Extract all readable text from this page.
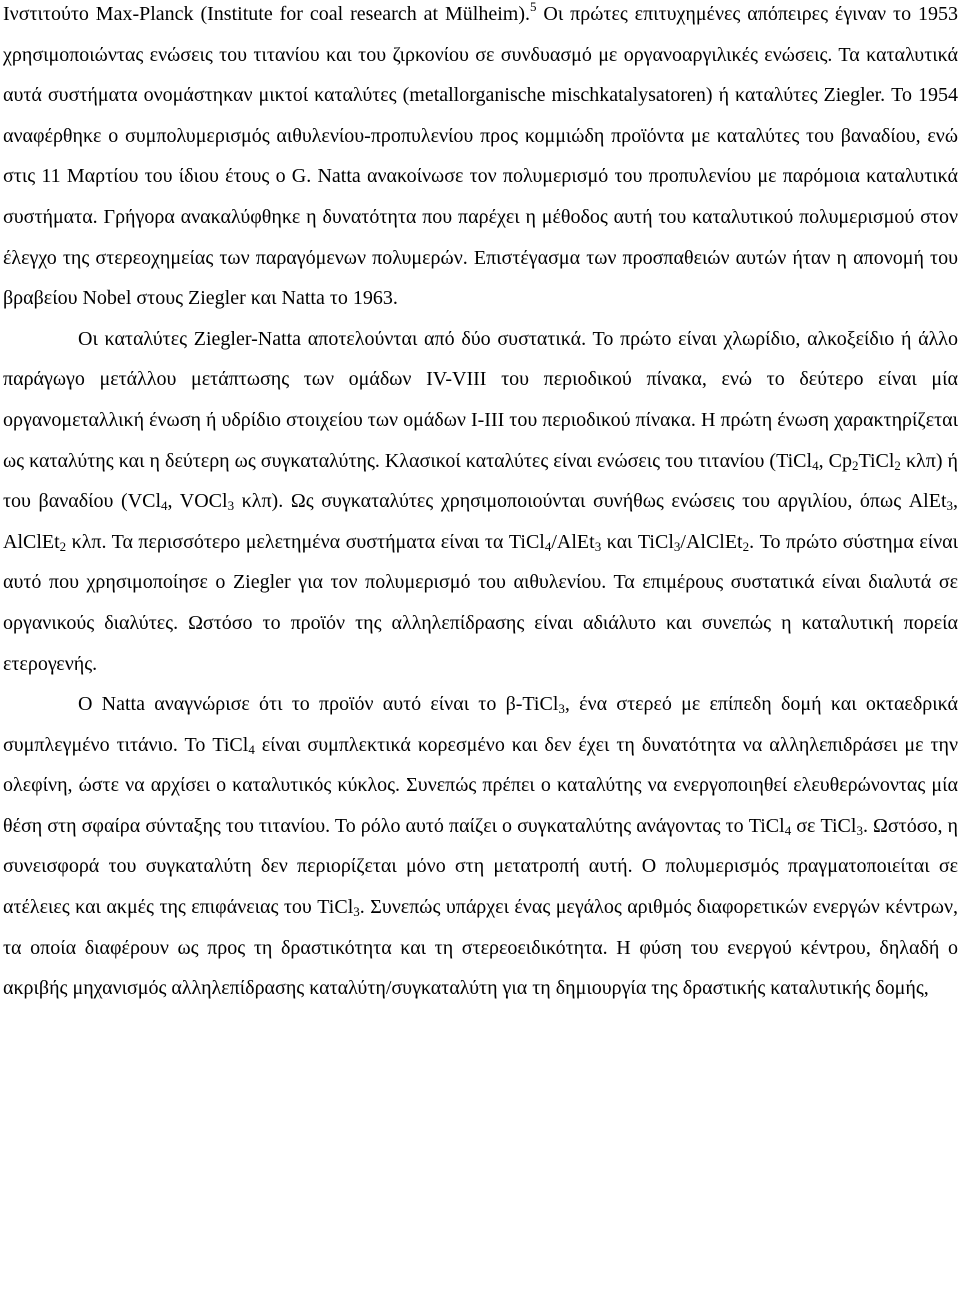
Ινστιτούτο Max-Planck (Institute for coal research at Mülheim).$^5$ Οι πρώτες επιτυχημένες απόπειρες έγιναν το 1953 χρησιμοποιώντας ενώσεις του τιτανίου και του ζιρκονίου σε συνδυασμό με οργανοαργιλικές ενώσεις. Τα καταλυτικά αυτά συστήματα ονομάστηκαν μικτοί καταλύτες (metallorganische mischkatalysatoren) ή καταλύτες Ziegler. Το 1954 αναφέρθηκε ο συμπολυμερισμός αιθυλενίου-προπυλενίου προς κομμιώδη προϊόντα με καταλύτες του βαναδίου, ενώ στις 11 Μαρτίου του ίδιου έτους ο G. Natta ανακοίνωσε τον πολυμερισμό του προπυλενίου με παρόμοια καταλυτικά συστήματα. Γρήγορα ανακαλύφθηκε η δυνατότητα που παρέχει η μέθοδος αυτή του καταλυτικού πολυμερισμού στον έλεγχο της στερεοχημείας των παραγόμενων πολυμερών. Επιστέγασμα των προσπαθειών αυτών ήταν η απονομή του βραβείου Nobel στους Ziegler και Natta το 1963.

Οι καταλύτες Ziegler-Natta αποτελούνται από δύο συστατικά. Το πρώτο είναι χλωρίδιο, αλκοξείδιο ή άλλο παράγωγο μετάλλου μετάπτωσης των ομάδων IV-VIII του περιοδικού πίνακα, ενώ το δεύτερο είναι μία οργανομεταλλική ένωση ή υδρίδιο στοιχείου των ομάδων I-III του περιοδικού πίνακα. Η πρώτη ένωση χαρακτηρίζεται ως καταλύτης και η δεύτερη ως συγκαταλύτης. Κλασικοί καταλύτες είναι ενώσεις του τιτανίου (TiCl$_4$, $Cp_2TiCl_2$ κλπ) ή του βαναδίου (VCl$_4$, VOCl$_3$ κλπ). Ως συγκαταλύτες χρησιμοποιούνται συνήθως ενώσεις του αργιλίου, όπως AlEt$_3$, AlClEt$_2$ κλπ. Τα περισσότερο μελετημένα συστήματα είναι τα TiCl$_4$/AlEt$_3$ και TiCl$_3$/AlClEt$_2$. Το πρώτο σύστημα είναι αυτό που χρησιμοποίησε ο Ziegler για τον πολυμερισμό του αιθυλενίου. Τα επιμέρους συστατικά είναι διαλυτά σε οργανικούς διαλύτες. Ωστόσο το προϊόν της αλληλεπίδρασης είναι αδιάλυτο και συνεπώς η καταλυτική πορεία ετερογενής.

Ο Natta αναγνώρισε ότι το προϊόν αυτό είναι το β-TiCl$_3$, ένα στερεό με επίπεδη δομή και οκταεδρικά συμπλεγμένο τιτάνιο. Το TiCl$_4$ είναι συμπλεκτικά κορεσμένο και δεν έχει τη δυνατότητα να αλληλεπιδράσει με την ολεφίνη, ώστε να αρχίσει ο καταλυτικός κύκλος. Συνεπώς πρέπει ο καταλύτης να ενεργοποιηθεί ελευθερώνοντας μία θέση στη σφαίρα σύνταξης του τιτανίου. Το ρόλο αυτό παίζει ο συγκαταλύτης ανάγοντας το TiCl$_4$ σε TiCl$_3$. Ωστόσο, η συνεισφορά του συγκαταλύτη δεν περιορίζεται μόνο στη μετατροπή αυτή. Ο πολυμερισμός πραγματοποιείται σε ατέλειες και ακμές της επιφάνειας του TiCl$_3$. Συνεπώς υπάρχει ένας μεγάλος αριθμός διαφορετικών ενεργών κέντρων, τα οποία διαφέρουν ως προς τη δραστικότητα και τη στερεοειδικότητα. Η φύση του ενεργού κέντρου, δηλαδή ο ακριβής μηχανισμός αλληλεπίδρασης καταλύτη/συγκαταλύτη για τη δημιουργία της δραστικής καταλυτικής δομής,
